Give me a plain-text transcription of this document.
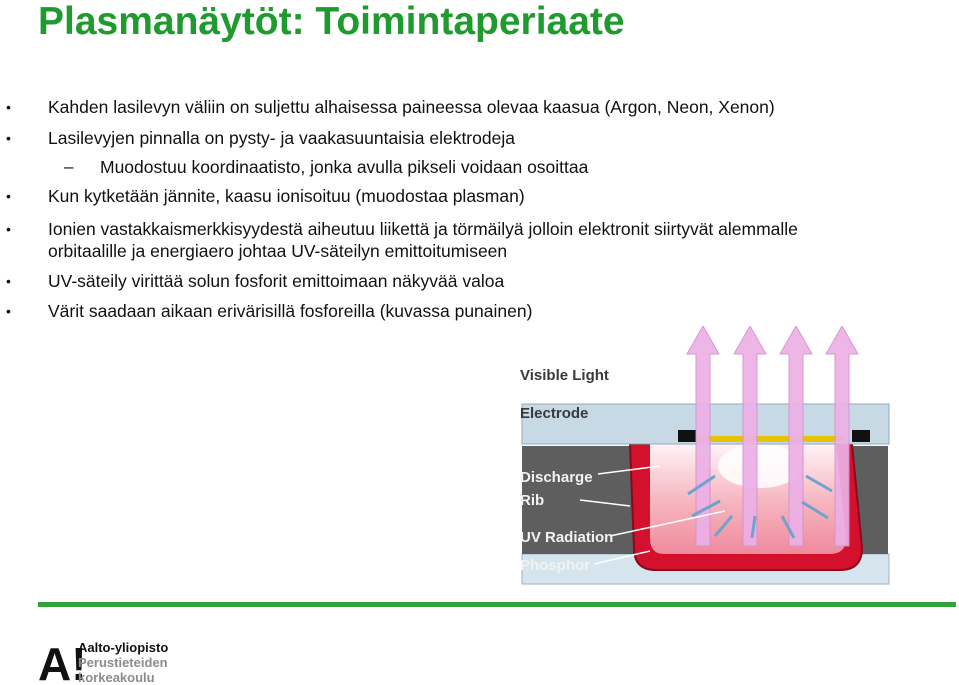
Plasmanäytöt: Toimintaperiaate
• Kahden lasilevyn väliin on suljettu alhaisessa paineessa olevaa kaasua (Argon, Neon, Xenon)
• Lasilevyjen pinnalla on pysty- ja vaakasuuntaisia elektrodeja
– Muodostuu koordinaatisto, jonka avulla pikseli voidaan osoittaa
• Kun kytketään jännite, kaasu ionisoituu (muodostaa plasman)
• Ionien vastakkaismerkkisyydestä aiheutuu liikettä ja törmäilyä jolloin elektronit siirtyvät alemmalle
orbitaalille ja energiaero johtaa UV-säteilyn emittoitumiseen
• UV-säteily virittää solun fosforit emittoimaan näkyvää valoa
• Värit saadaan aikaan erivärisillä fosforeilla (kuvassa punainen)
Visible Light
Electrode
Discharge
Rib
UV Radiation
Phosphor
A!
Aalto-yliopisto
Perustieteiden
korkeakoulu
